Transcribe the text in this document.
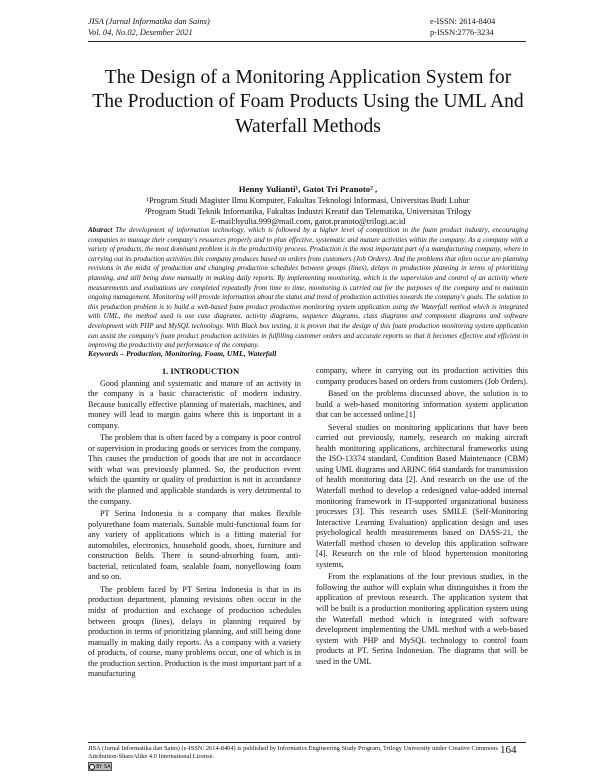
JISA (Jurnal Informatika dan Sains)
Vol. 04, No.02, Desember 2021
e-ISSN: 2614-8404
p-ISSN:2776-3234
The Design of a Monitoring Application System for The Production of Foam Products Using the UML And Waterfall Methods
Henny Yulianti¹, Gatot Tri Pranoto² ,
¹Program Studi Magister Ilmu Komputer, Fakultas Teknologi Informasi, Universitas Budi Luhur
²Program Studi Teknik Informatika, Fakultas Industri Kreatif dan Telematika, Universitas Trilogy
E-mail:hyulia.999@mail.com, gatot.pranoto@trilogi.ac.id
Abstract The development of information technology, which is followed by a higher level of competition in the foam product industry, encouraging companies to manage their company's resources properly and to plan effective, systematic and mature activities within the company. As a company with a variety of products, the most dominant problem is in the productivity process. Production is the most important part of a manufacturing company, where in carrying out its production activities this company produces based on orders from customers (Job Orders). And the problems that often occur are planning revisions in the midst of production and changing production schedules between groups (lines), delays in production planning in terms of prioritizing planning, and still being done manually in making daily reports. By implementing monitoring, which is the supervision and control of an activity where measurements and evaluations are completed repeatedly from time to time, monitoring is carried out for the purposes of the company and to maintain ongoing management. Monitoring will provide information about the status and trend of production activities towards the company's goals. The solution to this production problem is to build a web-based foam product production monitoring system application using the Waterfall method which is integrated with UML, the method used is use case diagrams, activity diagrams, sequence diagrams, class diagrams and component diagrams and software development with PHP and MySQL technology. With Black box testing, it is proven that the design of this foam production monitoring system application can assist the company's foam product production activities in fulfilling customer orders and accurate reports so that it becomes effective and efficient in improving the productivity and performance of the company.
Keywords – Production, Monitoring, Foam, UML, Waterfall

1. INTRODUCTION

Good planning and systematic and mature of an activity in the company is a basic characteristic of modern industry. Because basically effective planning of materials, machines, and money will lead to margin gains where this is important in a company.

The problem that is often faced by a company is poor control or supervision in producing goods or services from the company. This causes the production of goods that are not in accordance with what was previously planned. So, the production event which the quantity or quality of production is not in accordance with the planned and applicable standards is very detrimental to the company.

PT Serina Indonesia is a company that makes flexible polyurethane foam materials. Suitable multi-functional foam for any variety of applications which is a fitting material for automobiles, electronics, household goods, shoes, furniture and construction fields. There is sound-absorbing foam, anti-bacterial, reticulated foam, sealable foam, nonyellowing foam and so on.

The problem faced by PT Serina Indonesia is that in its production department, planning revisions often occur in the midst of production and exchange of production schedules between groups (lines), delays in planning required by production in terms of prioritizing planning, and still being done manually in making daily reports. As a company with a variety of products, of course, many problems occur, one of which is in the production section. Production is the most important part of a manufacturing

company, where in carrying out its production activities this company produces based on orders from customers (Job Orders).

Based on the problems discussed above, the solution is to build a web-based monitoring information system application that can be accessed online.[1]

Several studies on monitoring applications that have been carried out previously, namely, research on making aircraft health monitoring applications, architectural frameworks using the ISO-13374 standard, Condition Based Maintenance (CBM) using UML diagrams and ARINC 664 standards for transmission of health monitoring data [2]. And research on the use of the Waterfall method to develop a redesigned value-added internal monitoring framework in IT-supported organizational business processes [3]. This research uses SMILE (Self-Monitoring Interactive Learning Evaluation) application design and uses psychological health measurements based on DASS-21, the Waterfall method chosen to develop this application software [4]. Research on the role of blood hypertension monitoring systems,

From the explanations of the four previous studies, in the following the author will explain what distinguishes it from the application of previous research. The application system that will be built is a production monitoring application system using the Waterfall method which is integrated with software development implementing the UML method with a web-based system with PHP and MySQL technology to control foam products at PT. Serina Indonesian. The diagrams that will be used in the UML

JISA (Jurnal Informatika dan Sains) (e-ISSN: 2614-8404) is published by Informatics Engineering Study Program, Trilogy University under Creative Commons Attribution-ShareAlike 4.0 International License.
BY SA
164
